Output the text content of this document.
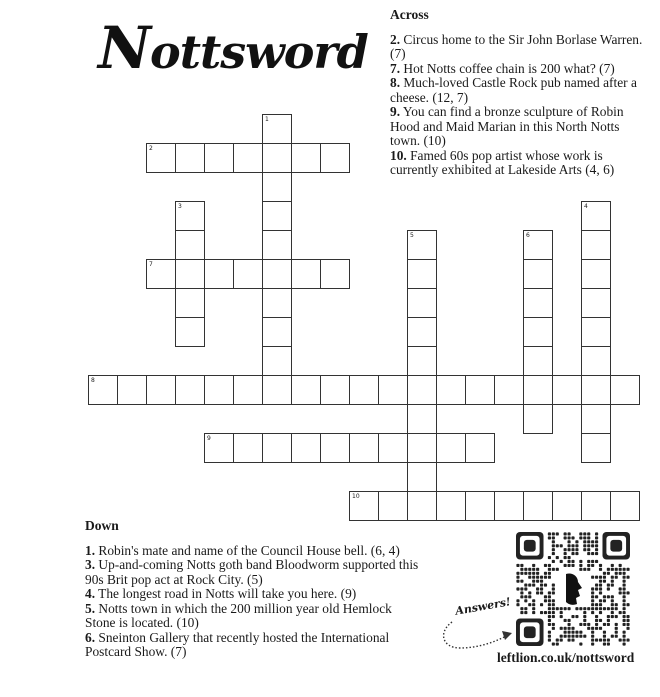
Nottsword
1
2
3	4
5	6
7
8
9
10
Across
2. Circus home to the Sir John Borlase Warren. (7)
7. Hot Notts coffee chain is 200 what? (7)
8. Much-loved Castle Rock pub named after a cheese. (12, 7)
9. You can find a bronze sculpture of Robin Hood and Maid Marian in this North Notts town. (10)
10. Famed 60s pop artist whose work is currently exhibited at Lakeside Arts (4, 6)
Down
1. Robin's mate and name of the Council House bell. (6, 4)
3. Up-and-coming Notts goth band Bloodworm supported this 90s Brit pop act at Rock City. (5)
4. The longest road in Notts will take you here. (9)
5. Notts town in which the 200 million year old Hemlock Stone is located. (10)
6. Sneinton Gallery that recently hosted the International Postcard Show. (7)
Answers!
leftlion.co.uk/nottsword
